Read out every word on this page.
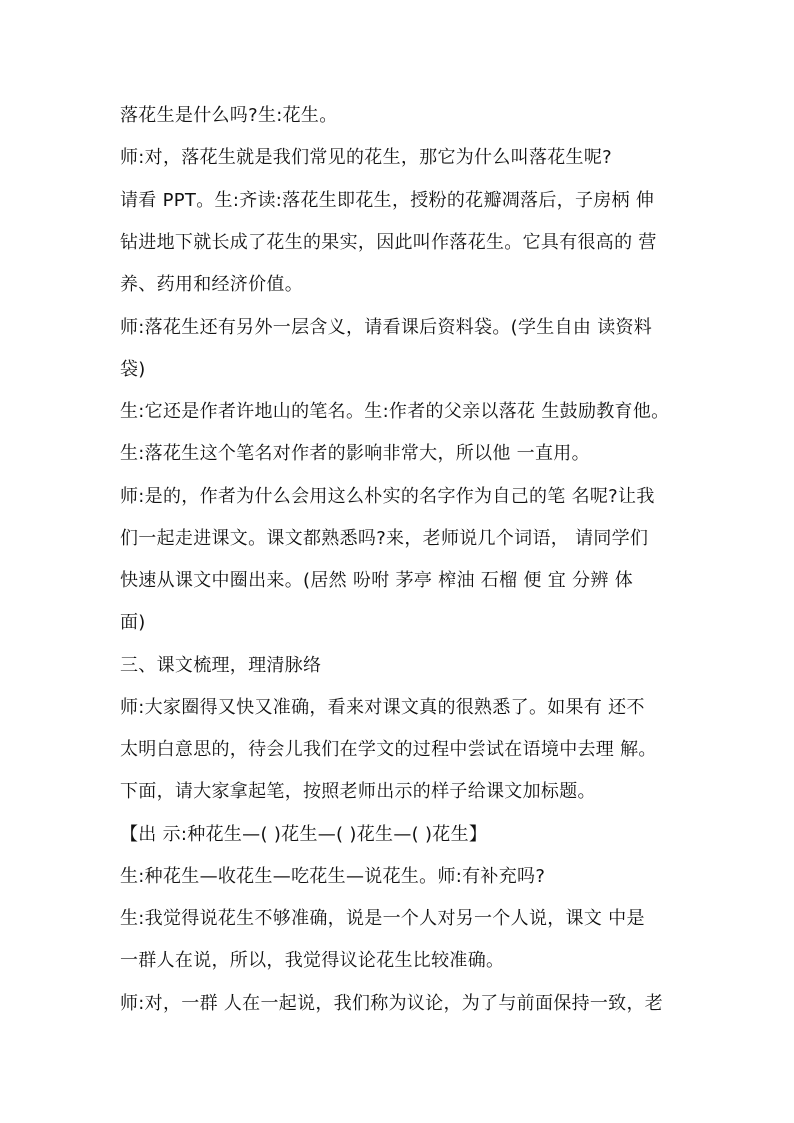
落花生是什么吗?生:花生。
师:对，落花生就是我们常见的花生，那它为什么叫落花生呢?
请看 PPT。生:齐读:落花生即花生，授粉的花瓣凋落后，子房柄 伸
钻进地下就长成了花生的果实，因此叫作落花生。它具有很高的 营
养、药用和经济价值。
师:落花生还有另外一层含义，请看课后资料袋。(学生自由 读资料
袋)
生:它还是作者许地山的笔名。生:作者的父亲以落花 生鼓励教育他。
生:落花生这个笔名对作者的影响非常大，所以他 一直用。
师:是的，作者为什么会用这么朴实的名字作为自己的笔 名呢?让我
们一起走进课文。课文都熟悉吗?来，老师说几个词语， 请同学们
快速从课文中圈出来。(居然 吩咐 茅亭 榨油 石榴 便 宜 分辨 体
面)
三、课文梳理，理清脉络
师:大家圈得又快又准确，看来对课文真的很熟悉了。如果有 还不
太明白意思的，待会儿我们在学文的过程中尝试在语境中去理 解。
下面，请大家拿起笔，按照老师出示的样子给课文加标题。
【出 示:种花生—( )花生—( )花生—( )花生】
生:种花生—收花生—吃花生—说花生。师:有补充吗?
生:我觉得说花生不够准确，说是一个人对另一个人说，课文 中是
一群人在说，所以，我觉得议论花生比较准确。
师:对，一群 人在一起说，我们称为议论，为了与前面保持一致，老
